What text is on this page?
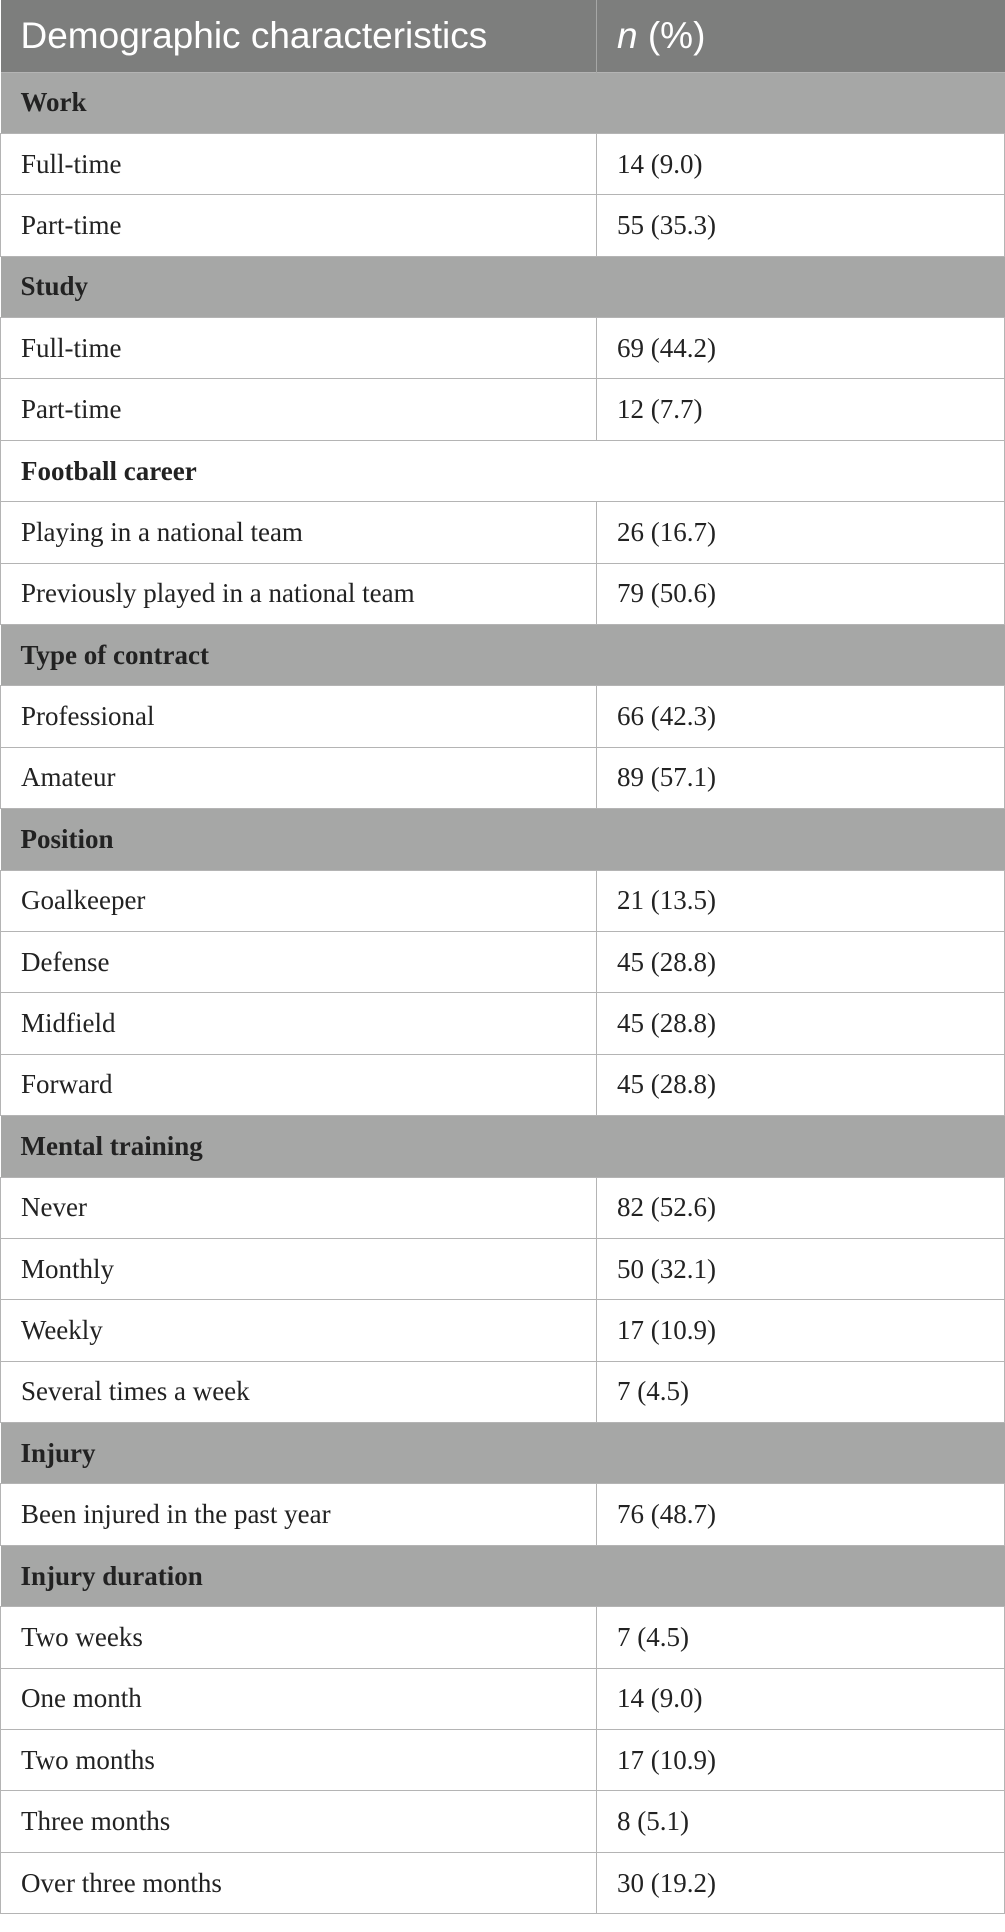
Demographic characteristics	n (%)
Work	
Full-time	14 (9.0)
Part-time	55 (35.3)
Study	
Full-time	69 (44.2)
Part-time	12 (7.7)
Football career	
Playing in a national team	26 (16.7)
Previously played in a national team	79 (50.6)
Type of contract	
Professional	66 (42.3)
Amateur	89 (57.1)
Position	
Goalkeeper	21 (13.5)
Defense	45 (28.8)
Midfield	45 (28.8)
Forward	45 (28.8)
Mental training	
Never	82 (52.6)
Monthly	50 (32.1)
Weekly	17 (10.9)
Several times a week	7 (4.5)
Injury	
Been injured in the past year	76 (48.7)
Injury duration	
Two weeks	7 (4.5)
One month	14 (9.0)
Two months	17 (10.9)
Three months	8 (5.1)
Over three months	30 (19.2)
